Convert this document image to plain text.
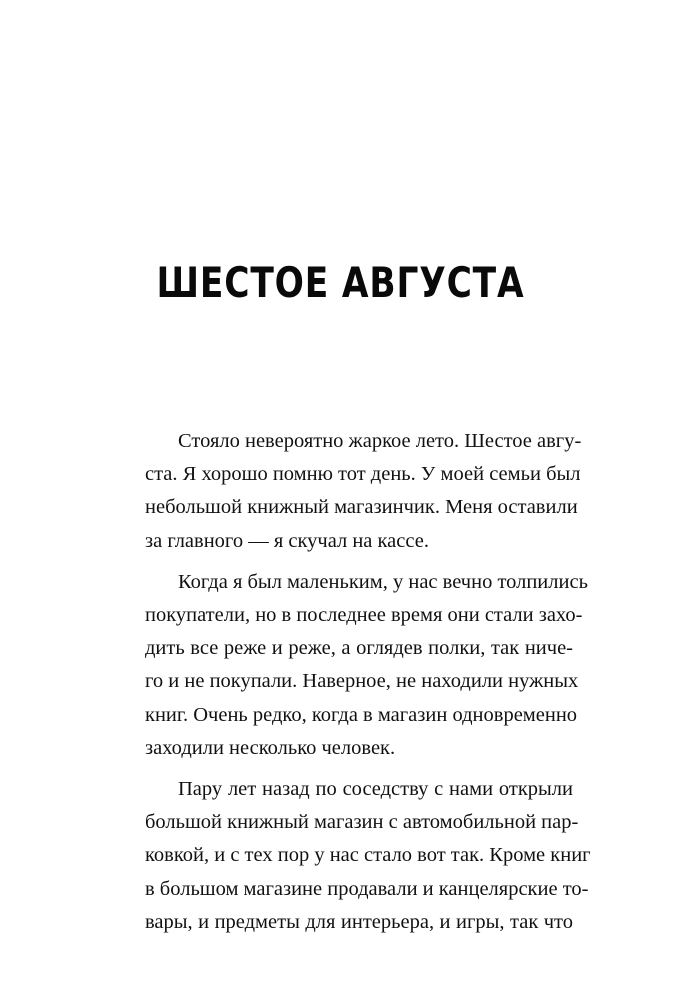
ШЕСТОЕ АВГУСТА
Стояло невероятно жаркое лето. Шестое авгу-
ста. Я хорошо помню тот день. У моей семьи был
небольшой книжный магазинчик. Меня оставили
за главного — я скучал на кассе.
Когда я был маленьким, у нас вечно толпились
покупатели, но в последнее время они стали захо-
дить все реже и реже, а оглядев полки, так ниче-
го и не покупали. Наверное, не находили нужных
книг. Очень редко, когда в магазин одновременно
заходили несколько человек.
Пару лет назад по соседству с нами открыли
большой книжный магазин с автомобильной пар-
ковкой, и с тех пор у нас стало вот так. Кроме книг
в большом магазине продавали и канцелярские то-
вары, и предметы для интерьера, и игры, так что
